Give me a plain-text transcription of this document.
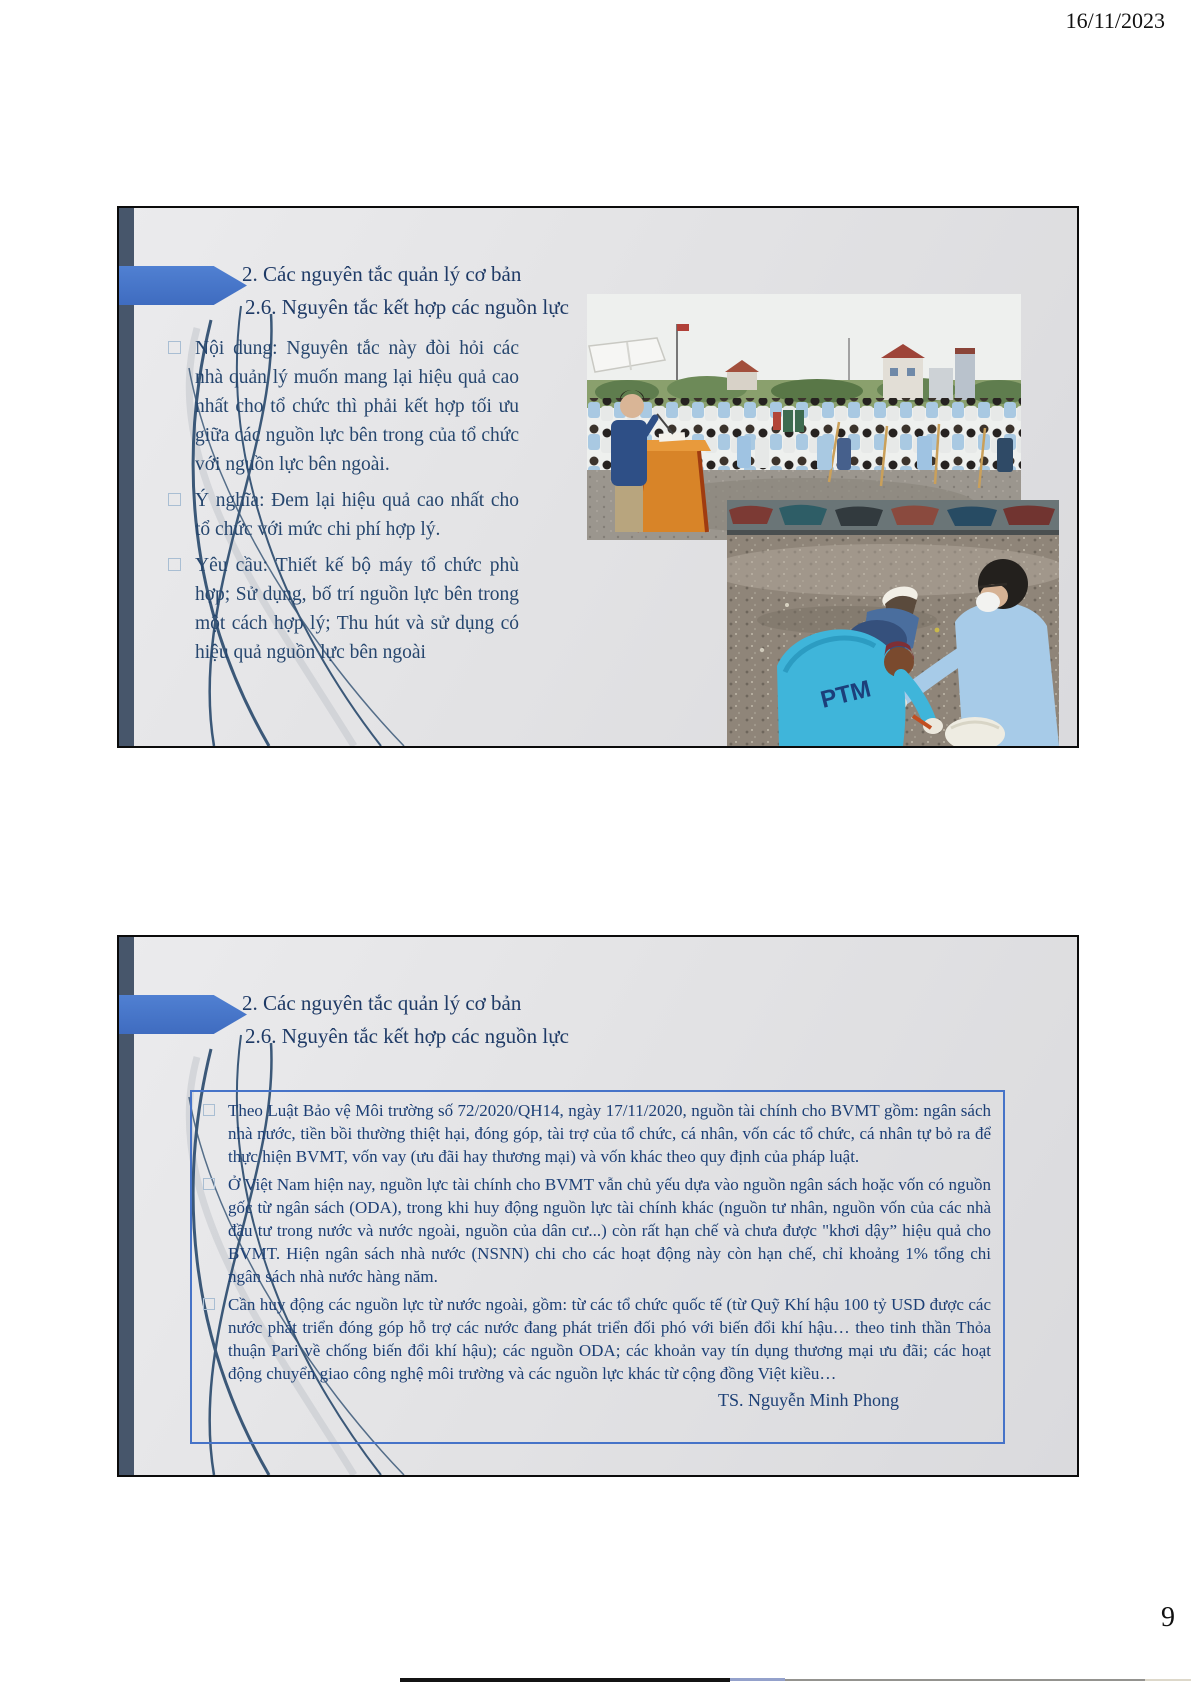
16/11/2023
2. Các nguyên tắc quản lý cơ bản
2.6. Nguyên tắc kết hợp các nguồn lực
Nội dung: Nguyên tắc này đòi hỏi các nhà quản lý muốn mang lại hiệu quả cao nhất cho tổ chức thì phải kết hợp tối ưu giữa các nguồn lực bên trong của tổ chức với nguồn lực bên ngoài.
Ý nghĩa: Đem lại hiệu quả cao nhất cho tổ chức với mức chi phí hợp lý.
Yêu cầu: Thiết kế bộ máy tổ chức phù hợp; Sử dụng, bố trí nguồn lực bên trong một cách hợp lý; Thu hút và sử dụng có hiệu quả nguồn lực bên ngoài
PTM
2. Các nguyên tắc quản lý cơ bản
2.6. Nguyên tắc kết hợp các nguồn lực
Theo Luật Bảo vệ Môi trường số 72/2020/QH14, ngày 17/11/2020, nguồn tài chính cho BVMT gồm: ngân sách nhà nước, tiền bồi thường thiệt hại, đóng góp, tài trợ của tổ chức, cá nhân, vốn các tổ chức, cá nhân tự bỏ ra để thực hiện BVMT, vốn vay (ưu đãi hay thương mại) và vốn khác theo quy định của pháp luật.
Ở Việt Nam hiện nay, nguồn lực tài chính cho BVMT vẫn chủ yếu dựa vào nguồn ngân sách hoặc vốn có nguồn gốc từ ngân sách (ODA), trong khi huy động nguồn lực tài chính khác (nguồn tư nhân, nguồn vốn của các nhà đầu tư trong nước và nước ngoài, nguồn của dân cư...) còn rất hạn chế và chưa được "khơi dậy” hiệu quả cho BVMT. Hiện ngân sách nhà nước (NSNN) chi cho các hoạt động này còn hạn chế, chỉ khoảng 1% tổng chi ngân sách nhà nước hàng năm.
Cần huy động các nguồn lực từ nước ngoài, gồm: từ các tổ chức quốc tế (từ Quỹ Khí hậu 100 tỷ USD được các nước phát triển đóng góp hỗ trợ các nước đang phát triển đối phó với biến đổi khí hậu… theo tinh thần Thỏa thuận Pari về chống biến đổi khí hậu); các nguồn ODA; các khoản vay tín dụng thương mại ưu đãi; các hoạt động chuyển giao công nghệ môi trường và các nguồn lực khác từ cộng đồng Việt kiều…
TS. Nguyễn Minh Phong
9
